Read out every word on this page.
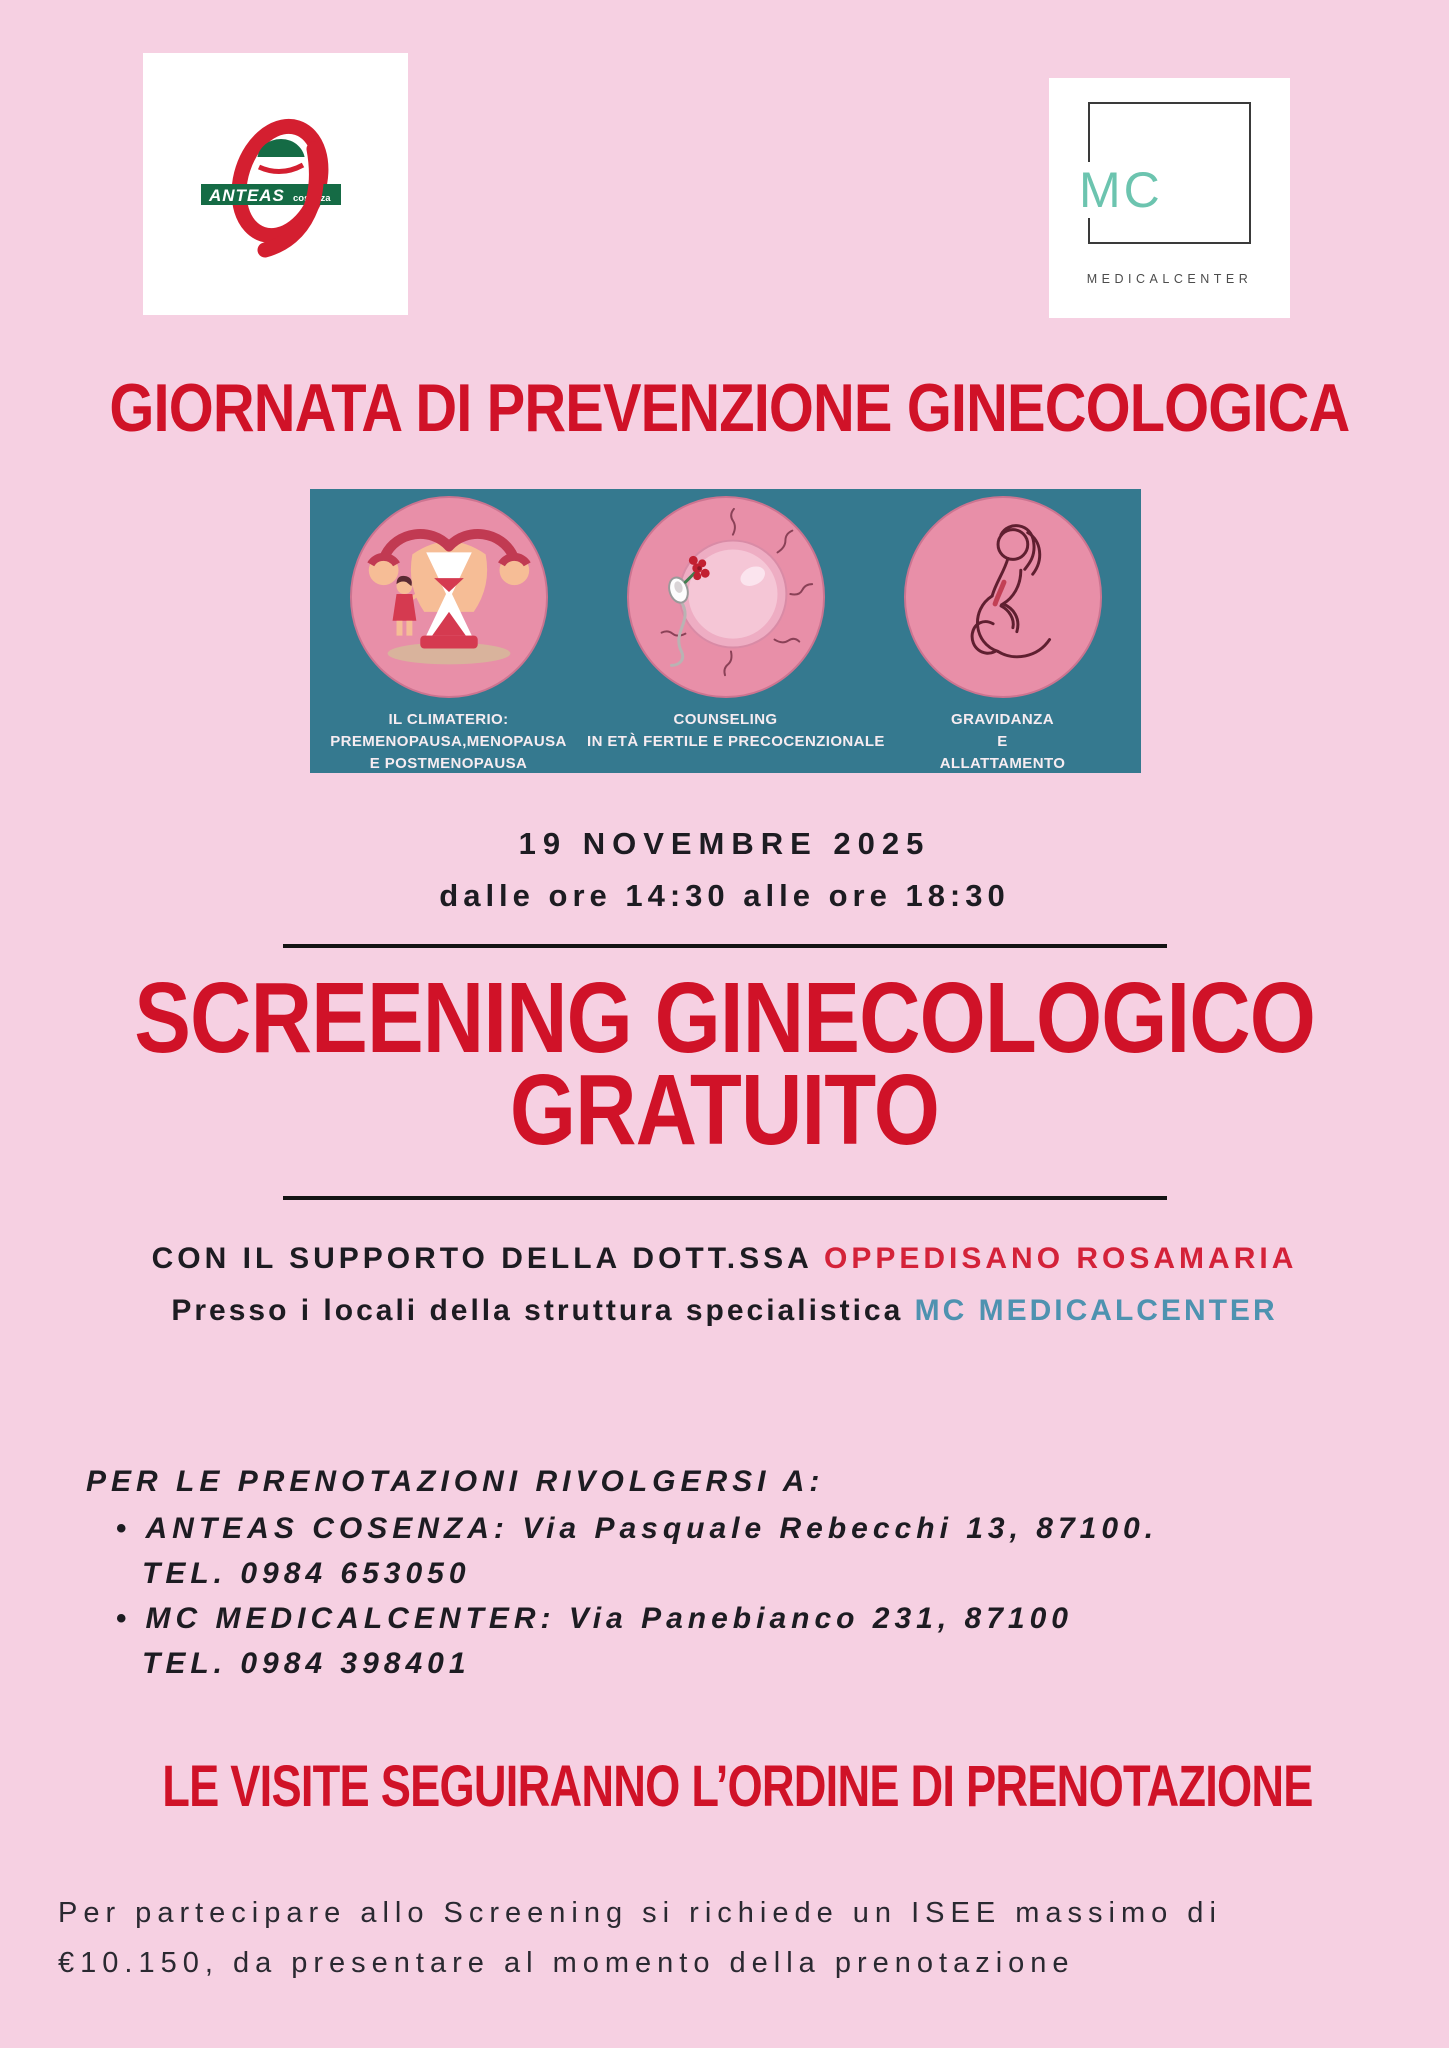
ANTEAS cosenza	MC
MEDICALCENTER
GIORNATA DI PREVENZIONE GINECOLOGICA
IL CLIMATERIO:
PREMENOPAUSA,MENOPAUSA
E POSTMENOPAUSA
COUNSELING
IN ETÀ FERTILE E PRECOCENZIONALE
GRAVIDANZA
E
ALLATTAMENTO
19 NOVEMBRE 2025
dalle ore 14:30 alle ore 18:30
SCREENING GINECOLOGICO
GRATUITO
CON IL SUPPORTO DELLA DOTT.SSA OPPEDISANO ROSAMARIA
Presso i locali della struttura specialistica MC MEDICALCENTER
PER LE PRENOTAZIONI RIVOLGERSI A:
• ANTEAS COSENZA: Via Pasquale Rebecchi 13, 87100.
TEL. 0984 653050
• MC MEDICALCENTER: Via Panebianco 231, 87100
TEL. 0984 398401
LE VISITE SEGUIRANNO L’ORDINE DI PRENOTAZIONE
Per partecipare allo Screening si richiede un ISEE massimo di
€10.150, da presentare al momento della prenotazione
